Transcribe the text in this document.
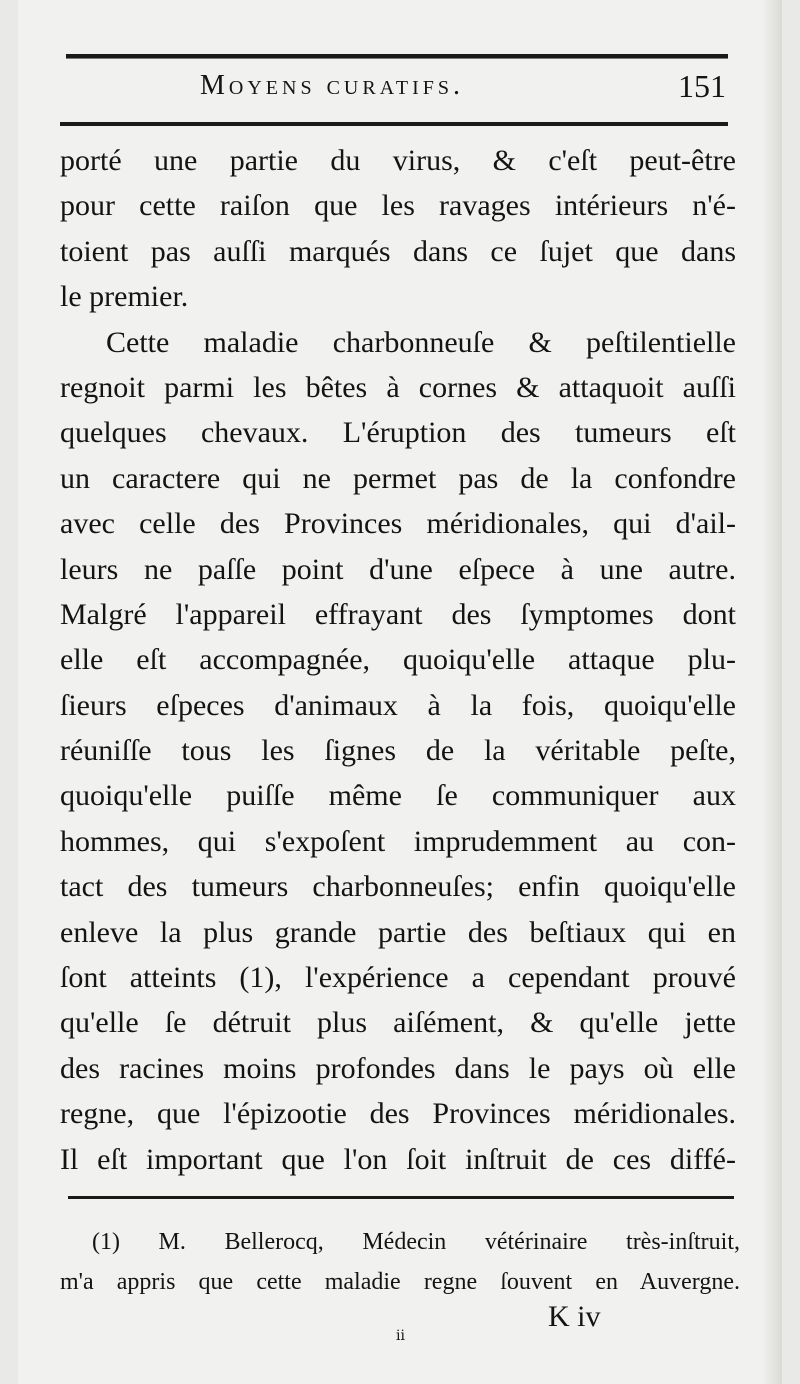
Moyens curatifs.	151
porté une partie du virus, & c'eſt peut-être
pour cette raiſon que les ravages intérieurs n'é-
toient pas auſſi marqués dans ce ſujet que dans
le premier.
Cette maladie charbonneuſe & peſtilentielle
regnoit parmi les bêtes à cornes & attaquoit auſſi
quelques chevaux. L'éruption des tumeurs eſt
un caractere qui ne permet pas de la confondre
avec celle des Provinces méridionales, qui d'ail-
leurs ne paſſe point d'une eſpece à une autre.
Malgré l'appareil effrayant des ſymptomes dont
elle eſt accompagnée, quoiqu'elle attaque plu-
ſieurs eſpeces d'animaux à la fois, quoiqu'elle
réuniſſe tous les ſignes de la véritable peſte,
quoiqu'elle puiſſe même ſe communiquer aux
hommes, qui s'expoſent imprudemment au con-
tact des tumeurs charbonneuſes; enfin quoiqu'elle
enleve la plus grande partie des beſtiaux qui en
ſont atteints (1), l'expérience a cependant prouvé
qu'elle ſe détruit plus aiſément, & qu'elle jette
des racines moins profondes dans le pays où elle
regne, que l'épizootie des Provinces méridionales.
Il eſt important que l'on ſoit inſtruit de ces diffé-
(1) M. Bellerocq, Médecin vétérinaire très-inſtruit,
m'a appris que cette maladie regne ſouvent en Auvergne.
K iv
ⅱ
